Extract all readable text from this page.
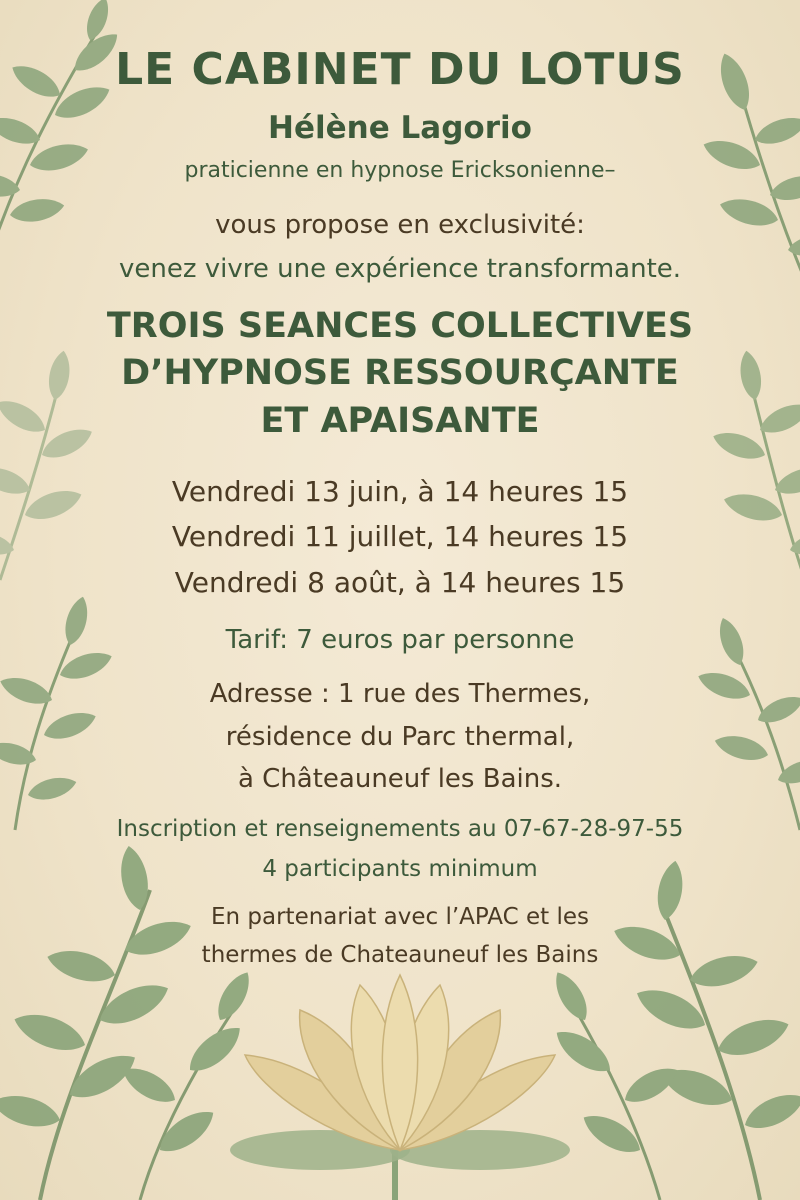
LE CABINET DU LOTUS

Hélène Lagorio

praticienne en hypnose Ericksonienne–

vous propose en exclusivité:

venez vivre une expérience transformante.

TROIS SEANCES COLLECTIVES
D’HYPNOSE RESSOURÇANTE
ET APAISANTE

Vendredi 13 juin, à 14 heures 15

Vendredi 11 juillet, 14 heures 15

Vendredi 8 août, à 14 heures 15

Tarif: 7 euros par personne

Adresse : 1 rue des Thermes,

résidence du Parc thermal,

à Châteauneuf les Bains.

Inscription et renseignements au 07-67-28-97-55

4 participants minimum

En partenariat avec l’APAC et les

thermes de Chateauneuf les Bains
